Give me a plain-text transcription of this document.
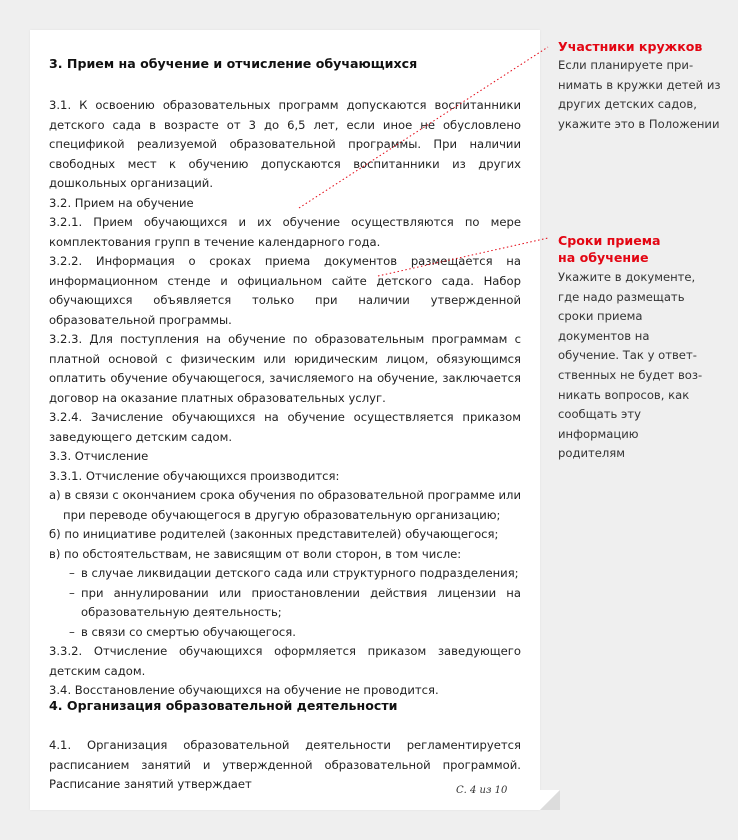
3. Прием на обучение и отчисление обучающихся

3.1. К освоению образовательных программ допускаются воспитанники детского сада в возрасте от 3 до 6,5 лет, если иное не обусловлено спецификой реализуемой образовательной программы. При наличии свободных мест к обучению допускаются воспитанники из других дошкольных организаций.

3.2. Прием на обучение

3.2.1. Прием обучающихся и их обучение осуществляются по мере комплектования групп в течение календарного года.

3.2.2. Информация о сроках приема документов размещается на информационном стенде и официальном сайте детского сада. Набор обучающихся объявляется только при наличии утвержденной образовательной программы.

3.2.3. Для поступления на обучение по образовательным программам с платной основой с физическим или юридическим лицом, обязующимся оплатить обучение обучающегося, зачисляемого на обучение, заключается договор на оказание платных образовательных услуг.

3.2.4. Зачисление обучающихся на обучение осуществляется приказом заведующего детским садом.

3.3. Отчисление

3.3.1. Отчисление обучающихся производится:

а) в связи с окончанием срока обучения по образовательной программе или при переводе обучающегося в другую образовательную организацию;

б) по инициативе родителей (законных представителей) обучающегося;

в) по обстоятельствам, не зависящим от воли сторон, в том числе:

– в случае ликвидации детского сада или структурного подразделения;
– при аннулировании или приостановлении действия лицензии на образовательную деятельность;
– в связи со смертью обучающегося.

3.3.2. Отчисление обучающихся оформляется приказом заведующего детским садом.

3.4. Восстановление обучающихся на обучение не проводится.

4. Организация образовательной деятельности

4.1. Организация образовательной деятельности регламентируется расписанием занятий и утвержденной образовательной программой. Расписание занятий утверждает	С. 4 из 10
Участники кружков
Если планируете принимать в кружки детей из других детских садов, укажите это в Положении
Сроки приема на обучение
Укажите в документе, где надо размещать сроки приема документов на обучение. Так у ответственных не будет возникать вопросов, как сообщать эту информацию родителям
